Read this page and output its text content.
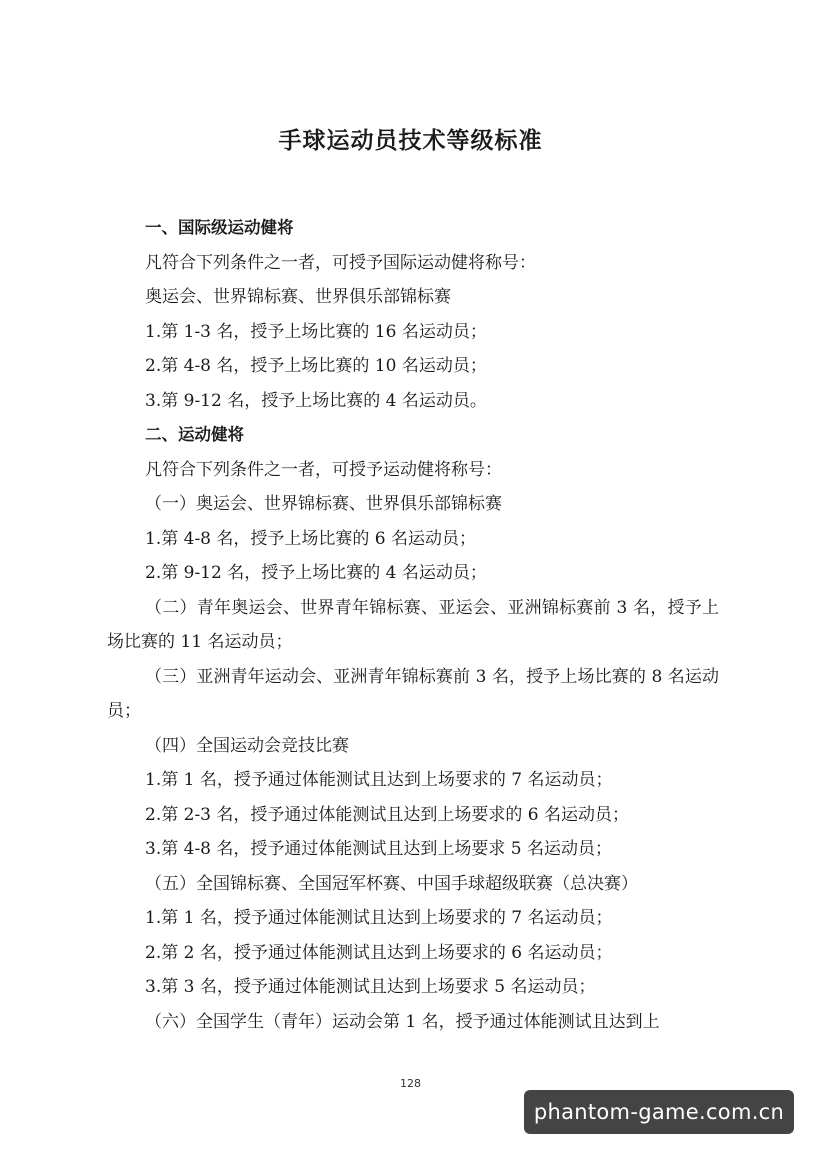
手球运动员技术等级标准
一、国际级运动健将
凡符合下列条件之一者，可授予国际运动健将称号：
奥运会、世界锦标赛、世界俱乐部锦标赛
1.第 1-3 名，授予上场比赛的 16 名运动员；
2.第 4-8 名，授予上场比赛的 10 名运动员；
3.第 9-12 名，授予上场比赛的 4 名运动员。
二、运动健将
凡符合下列条件之一者，可授予运动健将称号：
（一）奥运会、世界锦标赛、世界俱乐部锦标赛
1.第 4-8 名，授予上场比赛的 6 名运动员；
2.第 9-12 名，授予上场比赛的 4 名运动员；
（二）青年奥运会、世界青年锦标赛、亚运会、亚洲锦标赛前 3 名，授予上场比赛的 11 名运动员；
（三）亚洲青年运动会、亚洲青年锦标赛前 3 名，授予上场比赛的 8 名运动员；
（四）全国运动会竞技比赛
1.第 1 名，授予通过体能测试且达到上场要求的 7 名运动员；
2.第 2-3 名，授予通过体能测试且达到上场要求的 6 名运动员；
3.第 4-8 名，授予通过体能测试且达到上场要求 5 名运动员；
（五）全国锦标赛、全国冠军杯赛、中国手球超级联赛（总决赛）
1.第 1 名，授予通过体能测试且达到上场要求的 7 名运动员；
2.第 2 名，授予通过体能测试且达到上场要求的 6 名运动员；
3.第 3 名，授予通过体能测试且达到上场要求 5 名运动员；
（六）全国学生（青年）运动会第 1 名，授予通过体能测试且达到上
128
phantom-game.com.cn
